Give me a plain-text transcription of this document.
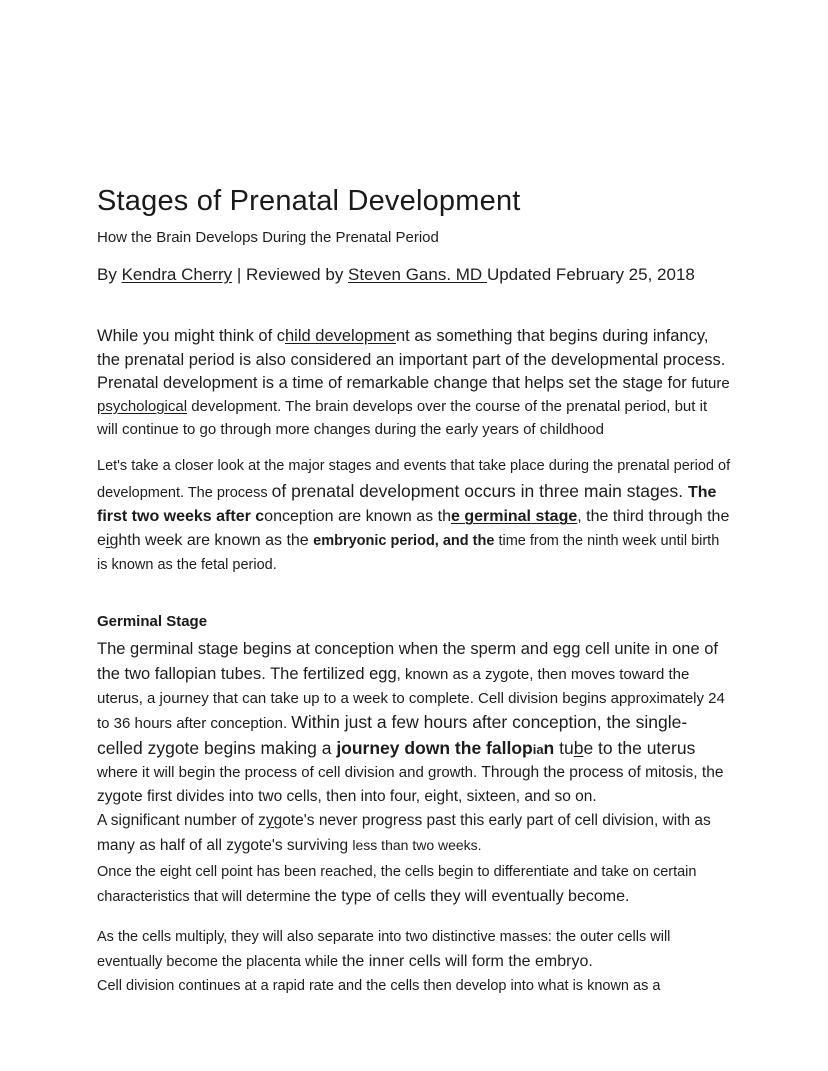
Stages of Prenatal Development
How the Brain Develops During the Prenatal Period
By Kendra Cherry | Reviewed by Steven Gans. MD Updated February 25, 2018

While you might think of child development as something that begins during infancy, the prenatal period is also considered an important part of the developmental process. Prenatal development is a time of remarkable change that helps set the stage for future psychological development. The brain develops over the course of the prenatal period, but it will continue to go through more changes during the early years of childhood

Let's take a closer look at the major stages and events that take place during the prenatal period of development. The process of prenatal development occurs in three main stages. The first two weeks after conception are known as the germinal stage, the third through the eighth week are known as the embryonic period, and the time from the ninth week until birth is known as the fetal period.

Germinal Stage

The germinal stage begins at conception when the sperm and egg cell unite in one of the two fallopian tubes. The fertilized egg, known as a zygote, then moves toward the uterus, a journey that can take up to a week to complete. Cell division begins approximately 24 to 36 hours after conception. Within just a few hours after conception, the single-celled zygote begins making a journey down the fallopian tube to the uterus where it will begin the process of cell division and growth. Through the process of mitosis, the zygote first divides into two cells, then into four, eight, sixteen, and so on.

A significant number of zygote's never progress past this early part of cell division, with as many as half of all zygote's surviving less than two weeks.

Once the eight cell point has been reached, the cells begin to differentiate and take on certain characteristics that will determine the type of cells they will eventually become.

As the cells multiply, they will also separate into two distinctive masses: the outer cells will eventually become the placenta while the inner cells will form the embryo.

Cell division continues at a rapid rate and the cells then develop into what is known as a
